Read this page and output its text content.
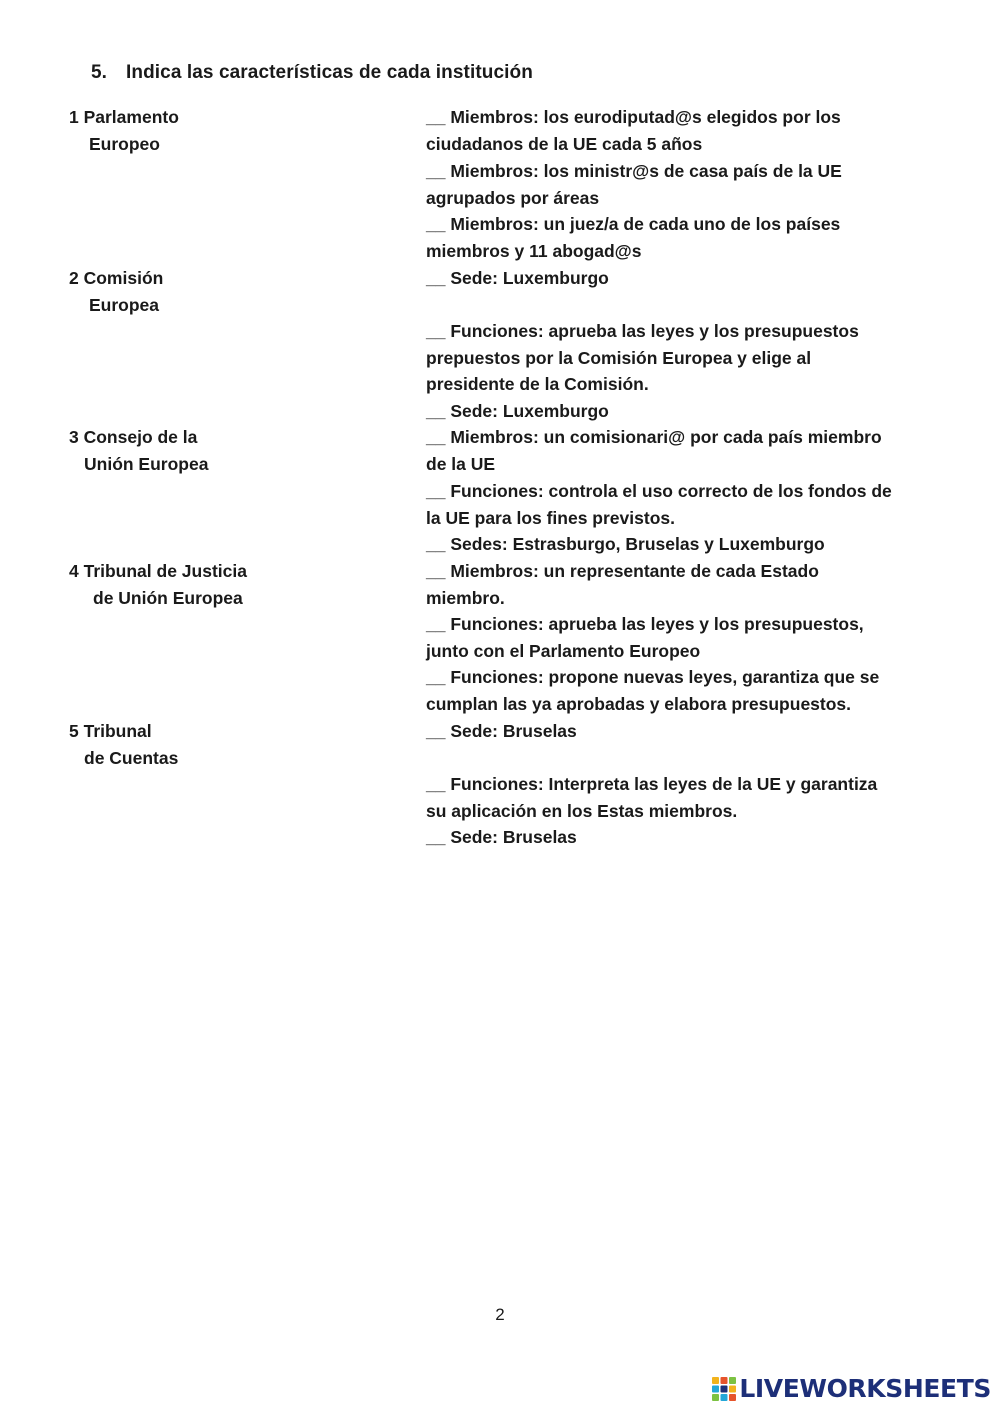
5. Indica las características de cada institución
1 Parlamento
Europeo
2 Comisión
Europea
3 Consejo de la
Unión Europea
4 Tribunal de Justicia
de Unión Europea
5 Tribunal
de Cuentas
__ Miembros: los eurodiputad@s elegidos por los
ciudadanos de la UE cada 5 años
__ Miembros: los ministr@s de casa país de la UE
agrupados por áreas
__ Miembros: un juez/a de cada uno de los países
miembros y 11 abogad@s
__ Sede: Luxemburgo
__ Funciones: aprueba las leyes y los presupuestos
prepuestos por la Comisión Europea y elige al
presidente de la Comisión.
__ Sede: Luxemburgo
__ Miembros: un comisionari@ por cada país miembro
de la UE
__ Funciones: controla el uso correcto de los fondos de
la UE para los fines previstos.
__ Sedes: Estrasburgo, Bruselas y Luxemburgo
__ Miembros: un representante de cada Estado
miembro.
__ Funciones: aprueba las leyes y los presupuestos,
junto con el Parlamento Europeo
__ Funciones: propone nuevas leyes, garantiza que se
cumplan las ya aprobadas y elabora presupuestos.
__ Sede: Bruselas
__ Funciones: Interpreta las leyes de la UE y garantiza
su aplicación en los Estas miembros.
__ Sede: Bruselas
2
LIVEWORKSHEETS
